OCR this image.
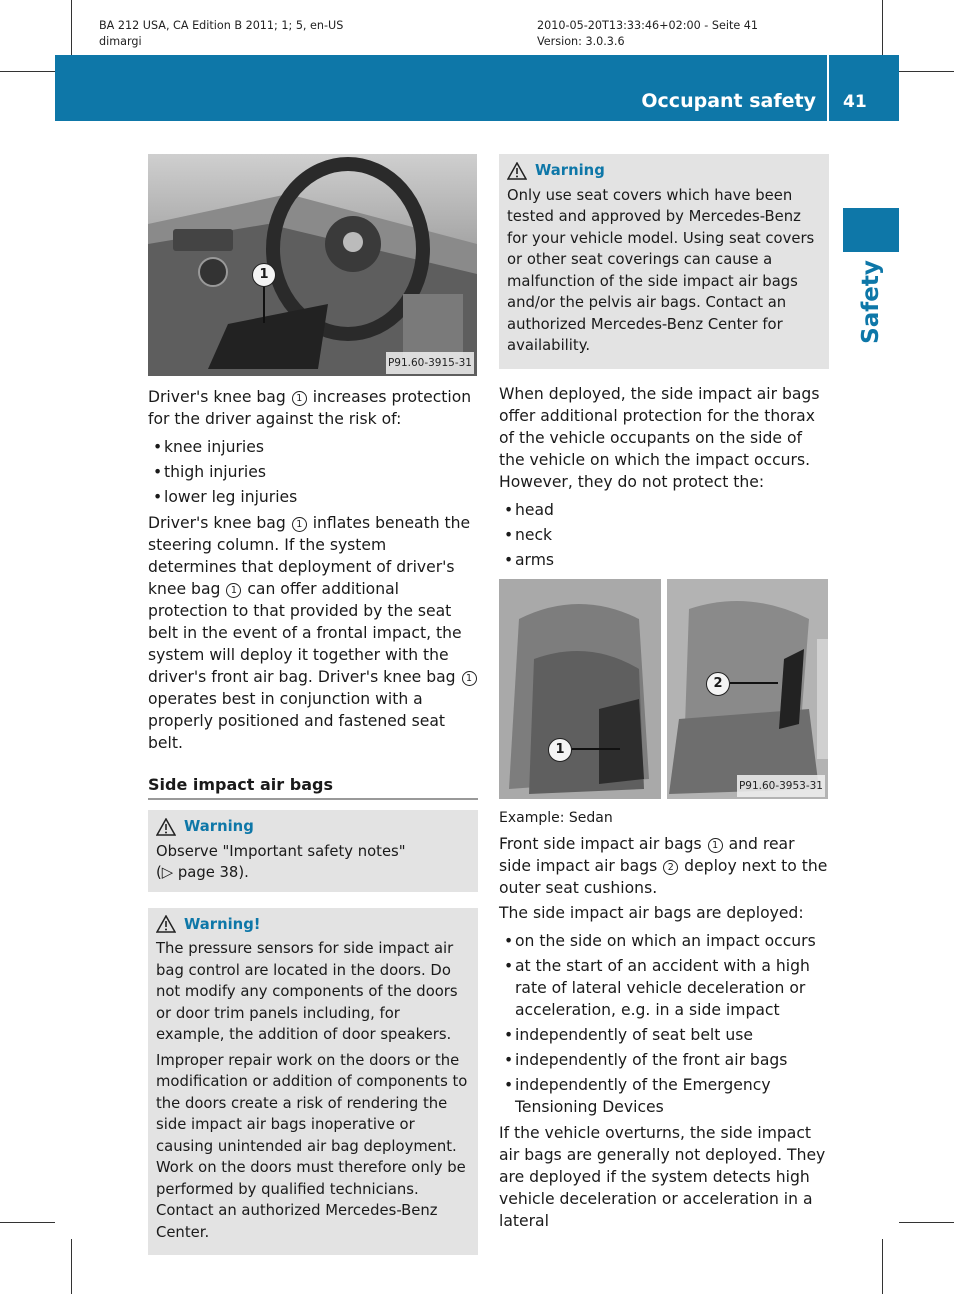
BA 212 USA, CA Edition B 2011; 1; 5, en-US
dimargi
2010-05-20T13:33:46+02:00 - Seite 41
Version: 3.0.3.6
Occupant safety 41
Safety
1
P91.60-3915-31

Driver's knee bag 1 increases protection for the driver against the risk of:

• knee injuries
• thigh injuries
• lower leg injuries

Driver's knee bag 1 inflates beneath the steering column. If the system determines that deployment of driver's knee bag 1 can offer additional protection to that provided by the seat belt in the event of a frontal impact, the system will deploy it together with the driver's front air bag. Driver's knee bag 1 operates best in conjunction with a properly positioned and fastened seat belt.

Side impact air bags
Warning
Observe "Important safety notes"
(▷ page 38).
Warning!

The pressure sensors for side impact air bag control are located in the doors. Do not modify any components of the doors or door trim panels including, for example, the addition of door speakers.

Improper repair work on the doors or the modification or addition of components to the doors create a risk of rendering the side impact air bags inoperative or causing unintended air bag deployment. Work on the doors must therefore only be performed by qualified technicians. Contact an authorized Mercedes-Benz Center.

Warning

Only use seat covers which have been tested and approved by Mercedes-Benz for your vehicle model. Using seat covers or other seat coverings can cause a malfunction of the side impact air bags and/or the pelvis air bags. Contact an authorized Mercedes-Benz Center for availability.

When deployed, the side impact air bags offer additional protection for the thorax of the vehicle occupants on the side of the vehicle on which the impact occurs. However, they do not protect the:

• head
• neck
• arms
1
2
P91.60-3953-31
Example: Sedan

Front side impact air bags 1 and rear side impact air bags 2 deploy next to the outer seat cushions.

The side impact air bags are deployed:

• on the side on which an impact occurs
• at the start of an accident with a high rate of lateral vehicle deceleration or acceleration, e.g. in a side impact
• independently of seat belt use
• independently of the front air bags
• independently of the Emergency Tensioning Devices

If the vehicle overturns, the side impact air bags are generally not deployed. They are deployed if the system detects high vehicle deceleration or acceleration in a lateral
